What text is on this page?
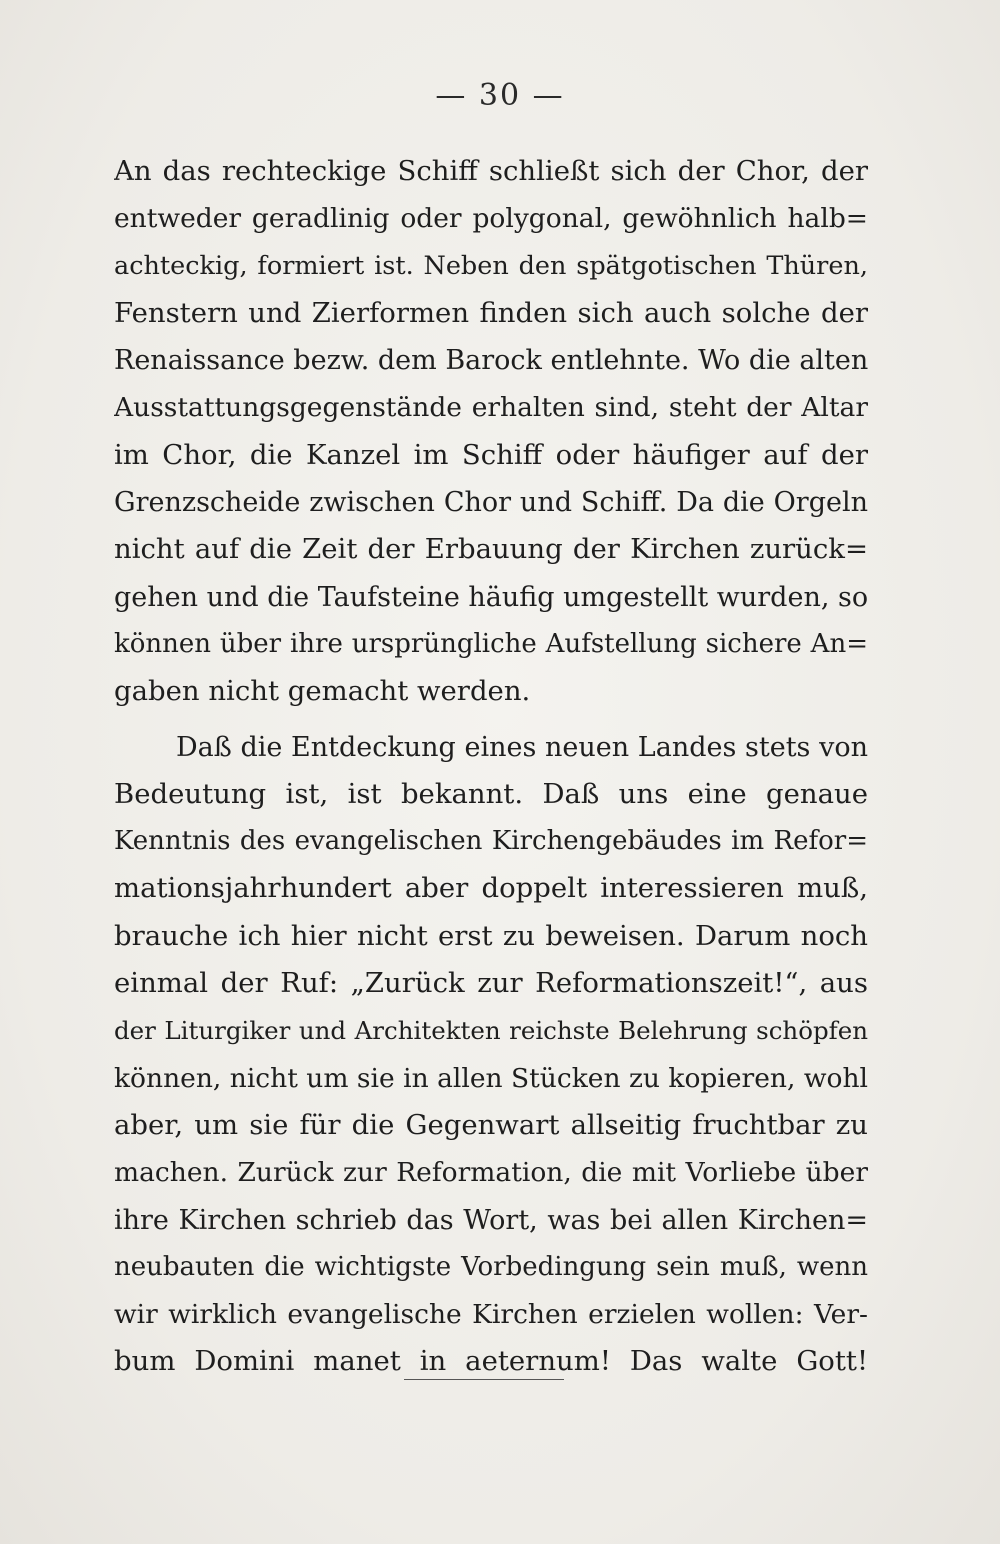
— 30 —
An das rechteckige Schiff schließt sich der Chor, der
entweder geradlinig oder polygonal, gewöhnlich halb=
achteckig, formiert ist. Neben den spätgotischen Thüren,
Fenstern und Zierformen finden sich auch solche der
Renaissance bezw. dem Barock entlehnte. Wo die alten
Ausstattungsgegenstände erhalten sind, steht der Altar
im Chor, die Kanzel im Schiff oder häufiger auf der
Grenzscheide zwischen Chor und Schiff. Da die Orgeln
nicht auf die Zeit der Erbauung der Kirchen zurück=
gehen und die Taufsteine häufig umgestellt wurden, so
können über ihre ursprüngliche Aufstellung sichere An=
gaben nicht gemacht werden.
Daß die Entdeckung eines neuen Landes stets von
Bedeutung ist, ist bekannt. Daß uns eine genaue
Kenntnis des evangelischen Kirchengebäudes im Refor=
mationsjahrhundert aber doppelt interessieren muß,
brauche ich hier nicht erst zu beweisen. Darum noch
einmal der Ruf: „Zurück zur Reformationszeit!“, aus
der Liturgiker und Architekten reichste Belehrung schöpfen
können, nicht um sie in allen Stücken zu kopieren, wohl
aber, um sie für die Gegenwart allseitig fruchtbar zu
machen. Zurück zur Reformation, die mit Vorliebe über
ihre Kirchen schrieb das Wort, was bei allen Kirchen=
neubauten die wichtigste Vorbedingung sein muß, wenn
wir wirklich evangelische Kirchen erzielen wollen: Ver-
bum Domini manet in aeternum! Das walte Gott!
